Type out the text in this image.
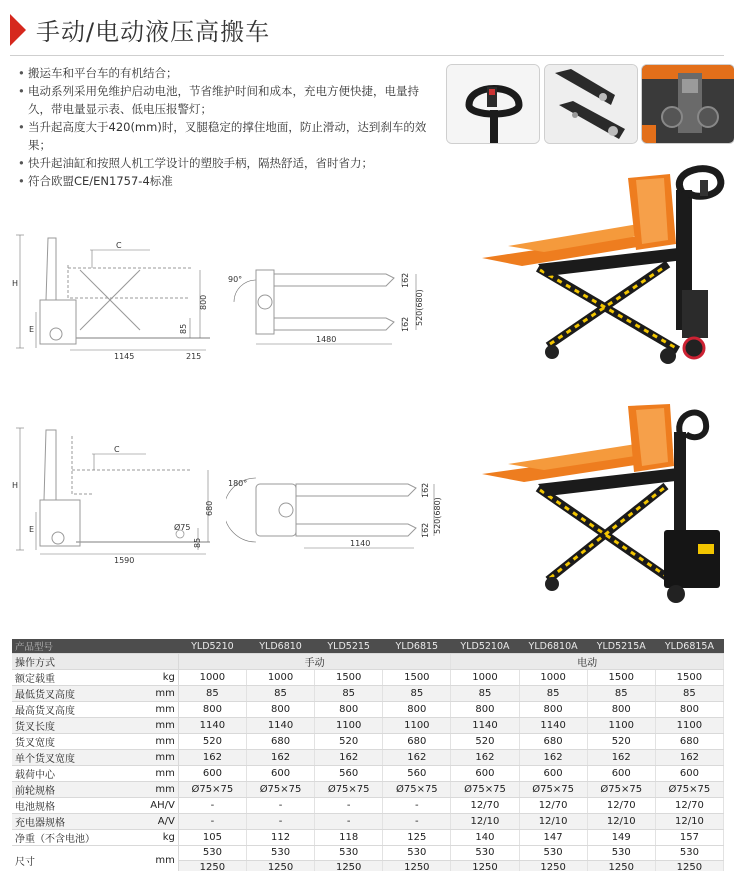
手动/电动液压高搬车
• 搬运车和平台车的有机结合；
• 电动系列采用免维护启动电池，节省维护时间和成本，充电方便快捷，电量持久，带电量显示表、低电压报警灯；
• 当升起高度大于420(mm)时，叉腿稳定的撑住地面，防止滑动，达到刹车的效果；
• 快升起油缸和按照人机工学设计的塑胶手柄，隔热舒适，省时省力；
• 符合欧盟CE/EN1757-4标准
H
E
C
800
85
1145	215
90°	162
162 520(680)
1480
H
E
C
Ø75
680
85
1590
180°	162
162 520(680)
1140
产品型号		YLD5210	YLD6810	YLD5215	YLD6815	YLD5210A	YLD6810A	YLD5215A	YLD6815A
操作方式		手动				电动			
额定载重	kg	1000	1000	1500	1500	1000	1000	1500	1500
最低货叉高度	mm	85	85	85	85	85	85	85	85
最高货叉高度	mm	800	800	800	800	800	800	800	800
货叉长度	mm	1140	1140	1100	1100	1140	1140	1100	1100
货叉宽度	mm	520	680	520	680	520	680	520	680
单个货叉宽度	mm	162	162	162	162	162	162	162	162
载荷中心	mm	600	600	560	560	600	600	600	600
前轮规格	mm	Ø75×75	Ø75×75	Ø75×75	Ø75×75	Ø75×75	Ø75×75	Ø75×75	Ø75×75
电池规格	AH/V	-	-	-	-	12/70	12/70	12/70	12/70
充电器规格	A/V	-	-	-	-	12/10	12/10	12/10	12/10
净重（不含电池）	kg	105	112	118	125	140	147	149	157
尺寸	mm	530	530	530	530	530	530	530	530
		1250	1250	1250	1250	1250	1250	1250	1250
